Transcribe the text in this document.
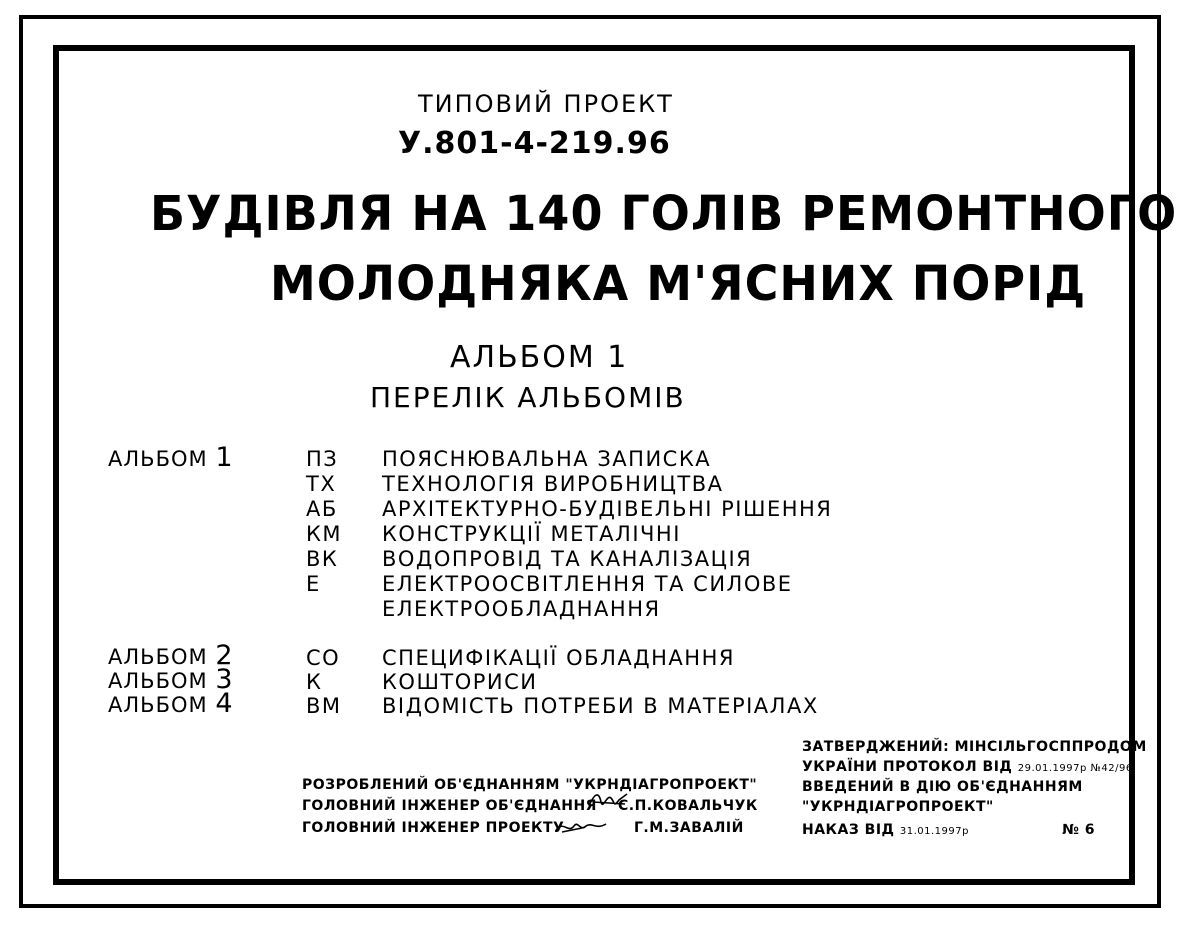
ТИПОВИЙ ПРОЕКТ
У.801-4-219.96
БУДІВЛЯ НА 140 ГОЛІВ РЕМОНТНОГО
МОЛОДНЯКА М'ЯСНИХ ПОРІД
АЛЬБОМ 1
ПЕРЕЛІК АЛЬБОМІВ
АЛЬБОМ 1	ПЗ ПОЯСНЮВАЛЬНА ЗАПИСКА
ТХ ТЕХНОЛОГІЯ ВИРОБНИЦТВА
АБ АРХІТЕКТУРНО-БУДІВЕЛЬНІ РІШЕННЯ
КМ КОНСТРУКЦІЇ МЕТАЛІЧНІ
ВК ВОДОПРОВІД ТА КАНАЛІЗАЦІЯ
Е	ЕЛЕКТРООСВІТЛЕННЯ ТА СИЛОВЕ
ЕЛЕКТРООБЛАДНАННЯ
АЛЬБОМ 2	СО СПЕЦИФІКАЦІЇ ОБЛАДНАННЯ
АЛЬБОМ 3	К	КОШТОРИСИ
АЛЬБОМ 4	ВМ ВІДОМІСТЬ ПОТРЕБИ В МАТЕРІАЛАХ
РОЗРОБЛЕНИЙ ОБ'ЄДНАННЯМ "УКРНДІАГРОПРОЕКТ"
ГОЛОВНИЙ ІНЖЕНЕР ОБ'ЄДНАННЯ С.П.КОВАЛЬЧУК
ГОЛОВНИЙ ІНЖЕНЕР ПРОЕКТУ	Г.М.ЗАВАЛІЙ
ЗАТВЕРДЖЕНИЙ: МІНСІЛЬГОСППРОДОМ
УКРАЇНИ ПРОТОКОЛ ВІД 29.01.1997р №42/96
ВВЕДЕНИЙ В ДІЮ ОБ'ЄДНАННЯМ
"УКРНДІАГРОПРОЕКТ"
НАКАЗ ВІД 31.01.1997р	№ 6
